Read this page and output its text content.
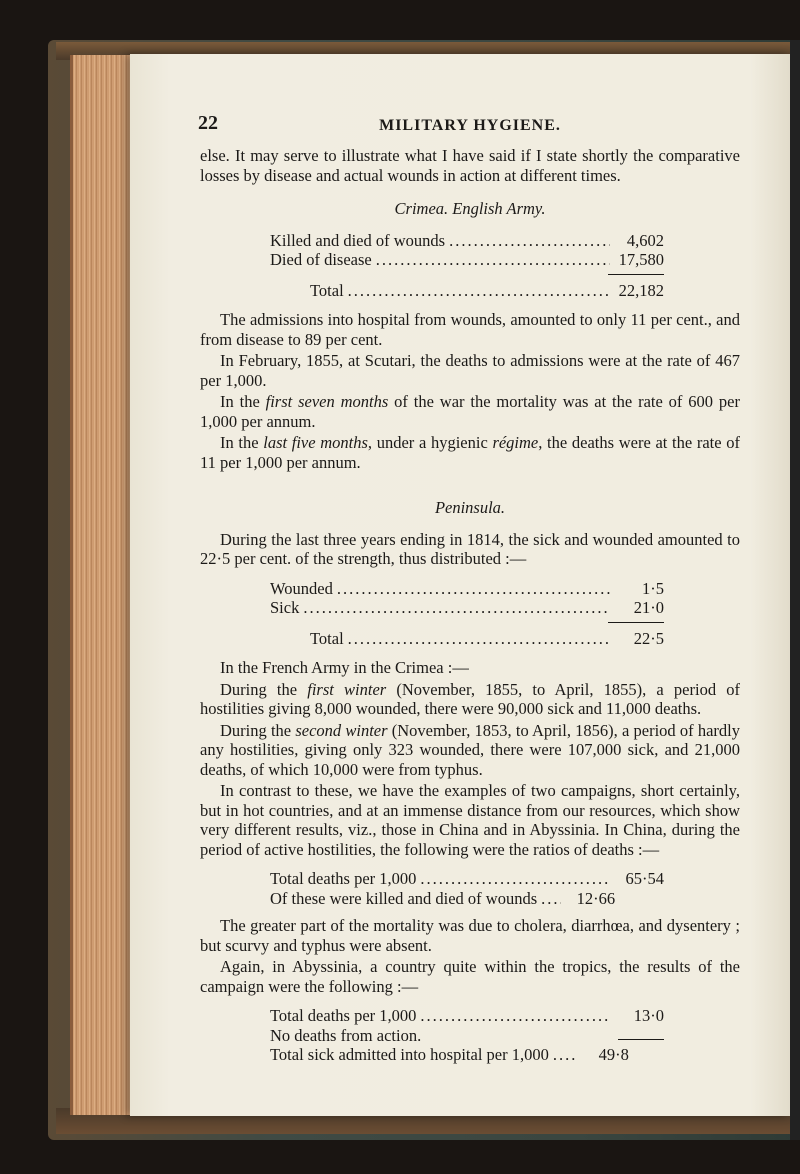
22	MILITARY HYGIENE.

else. It may serve to illustrate what I have said if I state shortly the comparative losses by disease and actual wounds in action at different times.

Crimea. English Army.
Killed and died of wounds .....	4,602
Died of disease .....	17,580
Total .....	22,182

The admissions into hospital from wounds, amounted to only 11 per cent., and from disease to 89 per cent.

In February, 1855, at Scutari, the deaths to admissions were at the rate of 467 per 1,000.

In the first seven months of the war the mortality was at the rate of 600 per 1,000 per annum.

In the last five months, under a hygienic régime, the deaths were at the rate of 11 per 1,000 per annum.

Peninsula.

During the last three years ending in 1814, the sick and wounded amounted to 22·5 per cent. of the strength, thus distributed :—

Wounded .....	1·5
Sick .....	21·0
Total .....	22·5

In the French Army in the Crimea :—

During the first winter (November, 1855, to April, 1855), a period of hostilities giving 8,000 wounded, there were 90,000 sick and 11,000 deaths.

During the second winter (November, 1853, to April, 1856), a period of hardly any hostilities, giving only 323 wounded, there were 107,000 sick, and 21,000 deaths, of which 10,000 were from typhus.

In contrast to these, we have the examples of two campaigns, short certainly, but in hot countries, and at an immense distance from our resources, which show very different results, viz., those in China and in Abyssinia. In China, during the period of active hostilities, the following were the ratios of deaths :—

Total deaths per 1,000 .....	65·54
Of these were killed and died of wounds .....	12·66

The greater part of the mortality was due to cholera, diarrhœa, and dysentery ; but scurvy and typhus were absent.

Again, in Abyssinia, a country quite within the tropics, the results of the campaign were the following :—

Total deaths per 1,000 .....	13·0
No deaths from action.
Total sick admitted into hospital per 1,000 .....	49·8
